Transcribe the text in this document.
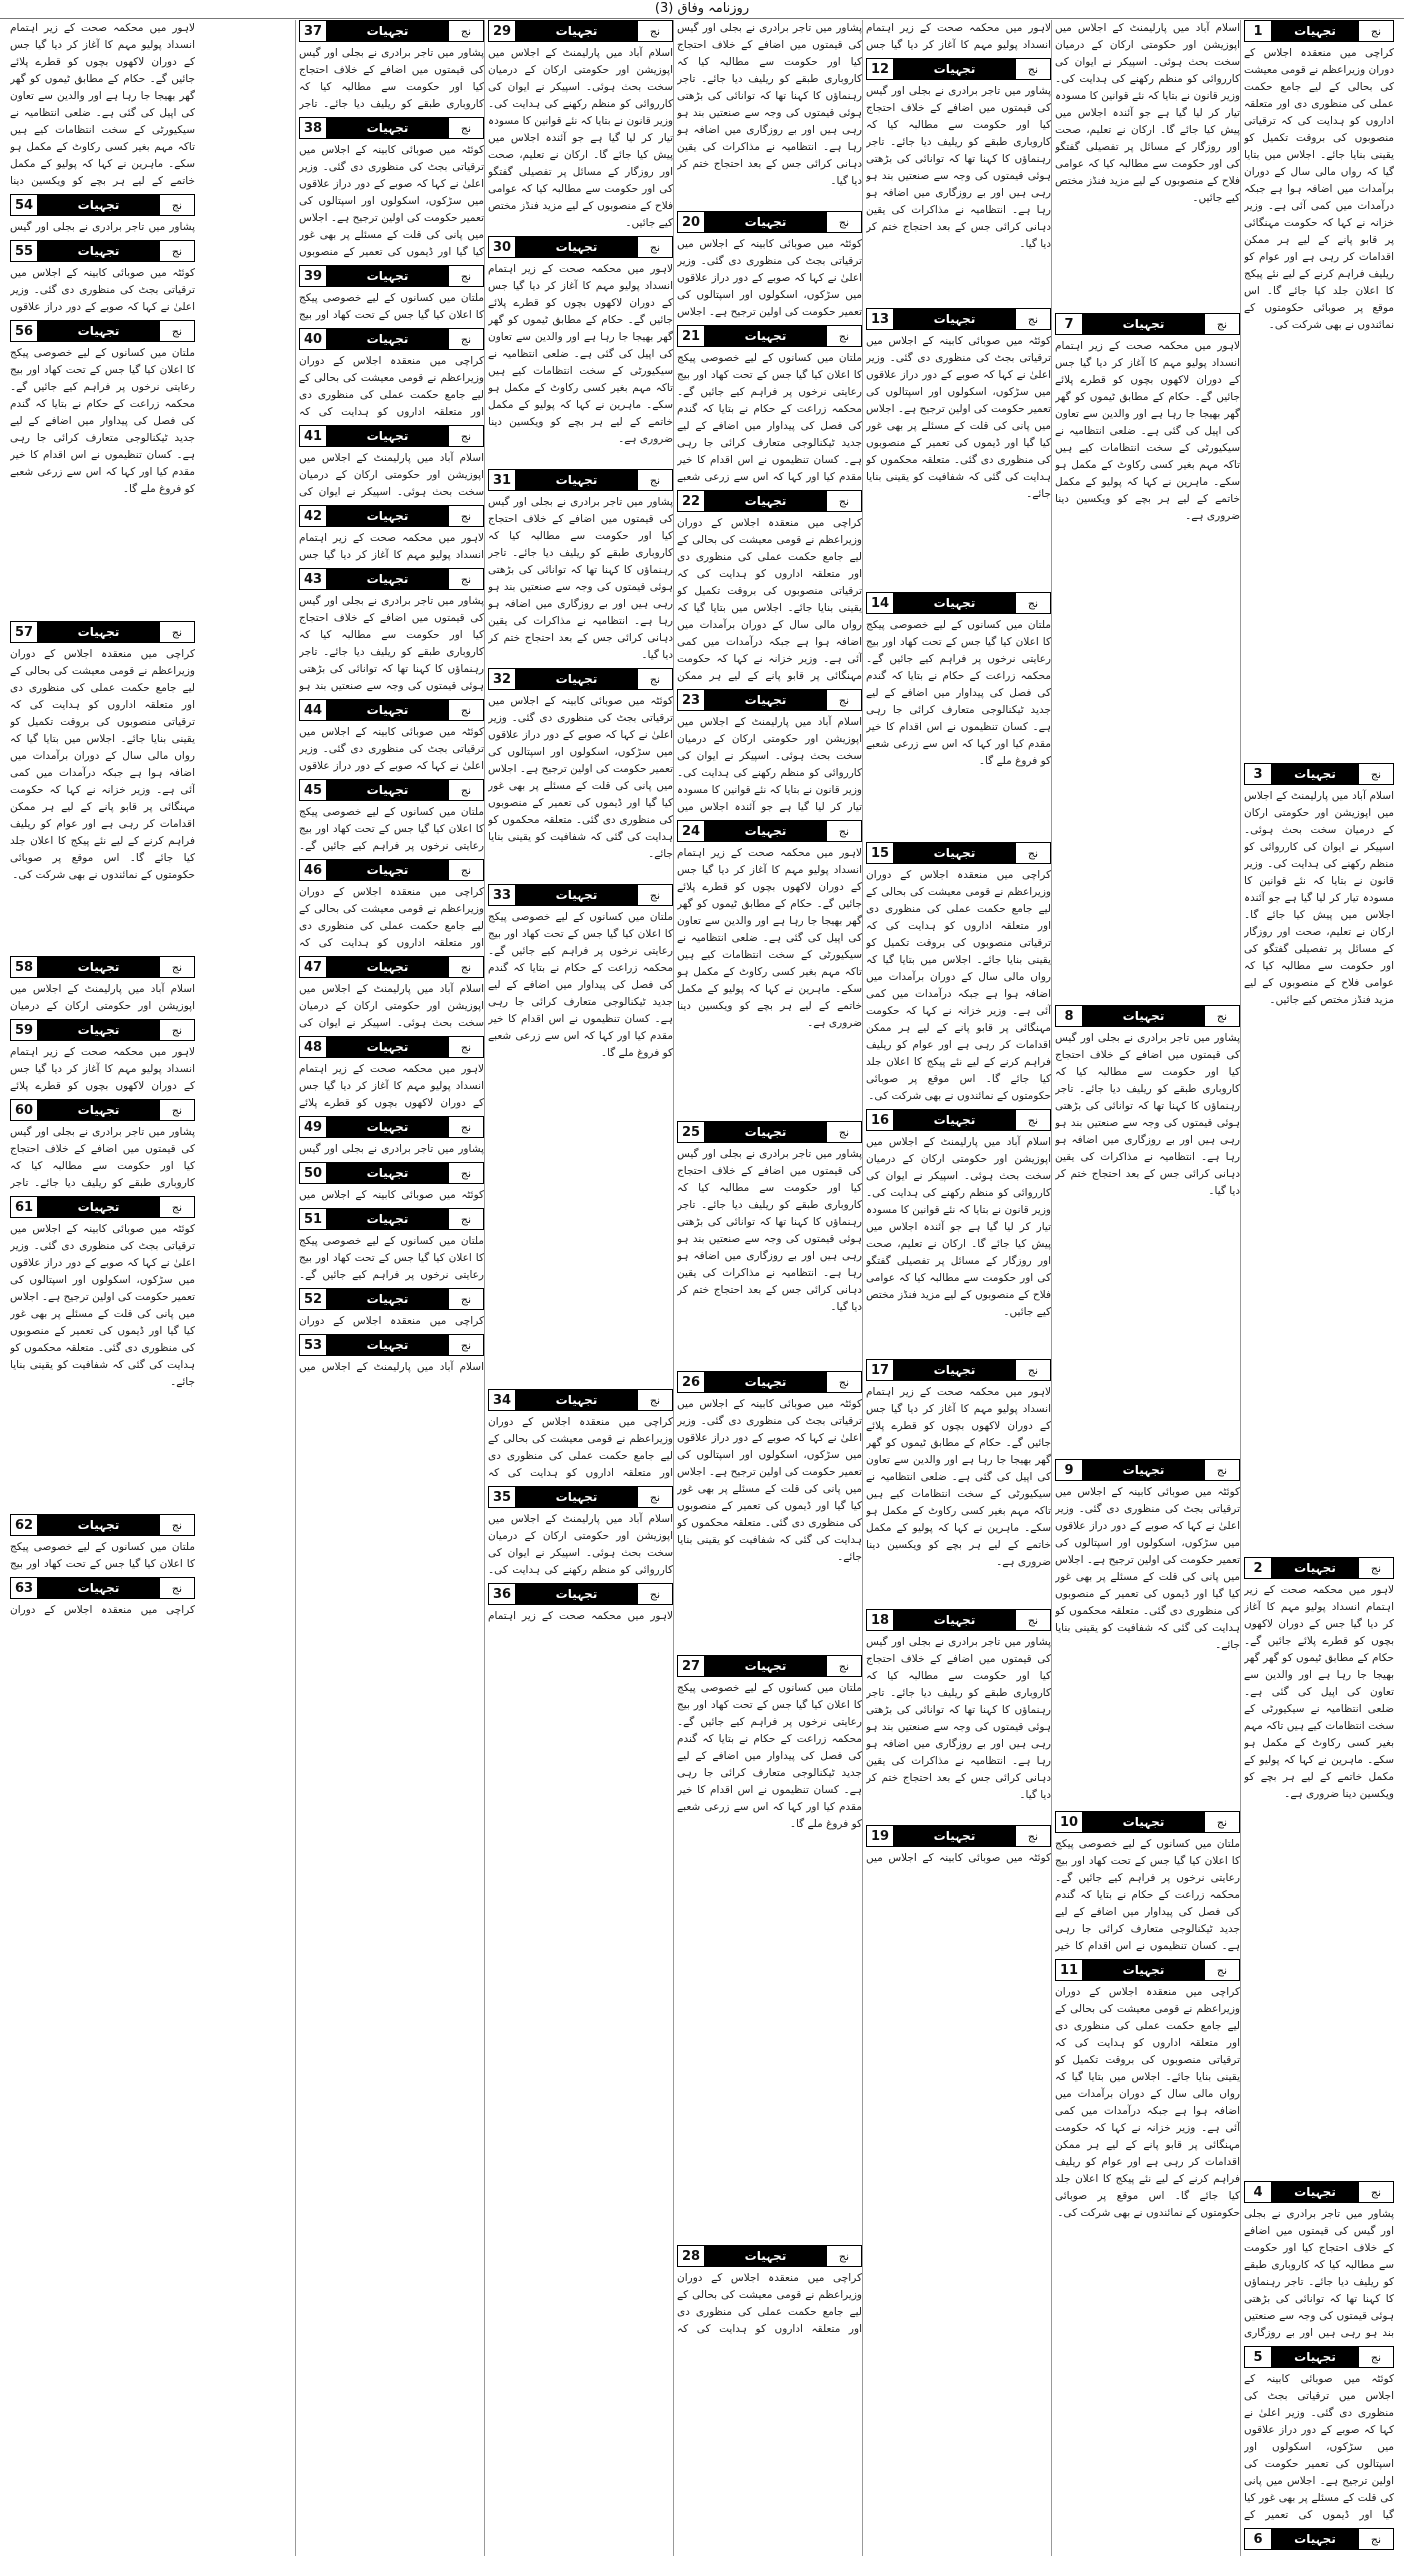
روزنامہ وفاق (3)
1	تجہیات	نج
کراچی میں منعقدہ اجلاس کے دوران وزیراعظم نے قومی معیشت کی بحالی کے لیے جامع حکمت عملی کی منظوری دی اور متعلقہ اداروں کو ہدایت کی کہ ترقیاتی منصوبوں کی بروقت تکمیل کو یقینی بنایا جائے۔ اجلاس میں بتایا گیا کہ رواں مالی سال کے دوران برآمدات میں اضافہ ہوا ہے جبکہ درآمدات میں کمی آئی ہے۔ وزیر خزانہ نے کہا کہ حکومت مہنگائی پر قابو پانے کے لیے ہر ممکن اقدامات کر رہی ہے اور عوام کو ریلیف فراہم کرنے کے لیے نئے پیکج کا اعلان جلد کیا جائے گا۔ اس موقع پر صوبائی حکومتوں کے نمائندوں نے بھی شرکت کی۔
3	تجہیات	نج
اسلام آباد میں پارلیمنٹ کے اجلاس میں اپوزیشن اور حکومتی ارکان کے درمیان سخت بحث ہوئی۔ اسپیکر نے ایوان کی کارروائی کو منظم رکھنے کی ہدایت کی۔ وزیر قانون نے بتایا کہ نئے قوانین کا مسودہ تیار کر لیا گیا ہے جو آئندہ اجلاس میں پیش کیا جائے گا۔ ارکان نے تعلیم، صحت اور روزگار کے مسائل پر تفصیلی گفتگو کی اور حکومت سے مطالبہ کیا کہ عوامی فلاح کے منصوبوں کے لیے مزید فنڈز مختص کیے جائیں۔
2	تجہیات	نج
لاہور میں محکمہ صحت کے زیر اہتمام انسداد پولیو مہم کا آغاز کر دیا گیا جس کے دوران لاکھوں بچوں کو قطرے پلائے جائیں گے۔ حکام کے مطابق ٹیموں کو گھر گھر بھیجا جا رہا ہے اور والدین سے تعاون کی اپیل کی گئی ہے۔ ضلعی انتظامیہ نے سیکیورٹی کے سخت انتظامات کیے ہیں تاکہ مہم بغیر کسی رکاوٹ کے مکمل ہو سکے۔ ماہرین نے کہا کہ پولیو کے مکمل خاتمے کے لیے ہر بچے کو ویکسین دینا ضروری ہے۔
4	تجہیات	نج
پشاور میں تاجر برادری نے بجلی اور گیس کی قیمتوں میں اضافے کے خلاف احتجاج کیا اور حکومت سے مطالبہ کیا کہ کاروباری طبقے کو ریلیف دیا جائے۔ تاجر رہنماؤں کا کہنا تھا کہ توانائی کی بڑھتی ہوئی قیمتوں کی وجہ سے صنعتیں بند ہو رہی ہیں اور بے روزگاری
5	تجہیات	نج
کوئٹہ میں صوبائی کابینہ کے اجلاس میں ترقیاتی بجٹ کی منظوری دی گئی۔ وزیر اعلیٰ نے کہا کہ صوبے کے دور دراز علاقوں میں سڑکوں، اسکولوں اور اسپتالوں کی تعمیر حکومت کی اولین ترجیح ہے۔ اجلاس میں پانی کی قلت کے مسئلے پر بھی غور کیا گیا اور ڈیموں کی تعمیر کے
6	تجہیات	نج
اسلام آباد میں پارلیمنٹ کے اجلاس میں اپوزیشن اور حکومتی ارکان کے درمیان سخت بحث ہوئی۔ اسپیکر نے ایوان کی کارروائی کو منظم رکھنے کی ہدایت کی۔ وزیر قانون نے بتایا کہ نئے قوانین کا مسودہ تیار کر لیا گیا ہے جو آئندہ اجلاس میں پیش کیا جائے گا۔ ارکان نے تعلیم، صحت اور روزگار کے مسائل پر تفصیلی گفتگو کی اور حکومت سے مطالبہ کیا کہ عوامی فلاح کے منصوبوں کے لیے مزید فنڈز مختص کیے جائیں۔
7	تجہیات	نج
لاہور میں محکمہ صحت کے زیر اہتمام انسداد پولیو مہم کا آغاز کر دیا گیا جس کے دوران لاکھوں بچوں کو قطرے پلائے جائیں گے۔ حکام کے مطابق ٹیموں کو گھر گھر بھیجا جا رہا ہے اور والدین سے تعاون کی اپیل کی گئی ہے۔ ضلعی انتظامیہ نے سیکیورٹی کے سخت انتظامات کیے ہیں تاکہ مہم بغیر کسی رکاوٹ کے مکمل ہو سکے۔ ماہرین نے کہا کہ پولیو کے مکمل خاتمے کے لیے ہر بچے کو ویکسین دینا ضروری ہے۔
8	تجہیات	نج
پشاور میں تاجر برادری نے بجلی اور گیس کی قیمتوں میں اضافے کے خلاف احتجاج کیا اور حکومت سے مطالبہ کیا کہ کاروباری طبقے کو ریلیف دیا جائے۔ تاجر رہنماؤں کا کہنا تھا کہ توانائی کی بڑھتی ہوئی قیمتوں کی وجہ سے صنعتیں بند ہو رہی ہیں اور بے روزگاری میں اضافہ ہو رہا ہے۔ انتظامیہ نے مذاکرات کی یقین دہانی کرائی جس کے بعد احتجاج ختم کر دیا گیا۔
9	تجہیات	نج
کوئٹہ میں صوبائی کابینہ کے اجلاس میں ترقیاتی بجٹ کی منظوری دی گئی۔ وزیر اعلیٰ نے کہا کہ صوبے کے دور دراز علاقوں میں سڑکوں، اسکولوں اور اسپتالوں کی تعمیر حکومت کی اولین ترجیح ہے۔ اجلاس میں پانی کی قلت کے مسئلے پر بھی غور کیا گیا اور ڈیموں کی تعمیر کے منصوبوں کی منظوری دی گئی۔ متعلقہ محکموں کو ہدایت کی گئی کہ شفافیت کو یقینی بنایا جائے۔
10	تجہیات	نج
ملتان میں کسانوں کے لیے خصوصی پیکج کا اعلان کیا گیا جس کے تحت کھاد اور بیج رعایتی نرخوں پر فراہم کیے جائیں گے۔ محکمہ زراعت کے حکام نے بتایا کہ گندم کی فصل کی پیداوار میں اضافے کے لیے جدید ٹیکنالوجی متعارف کرائی جا رہی ہے۔ کسان تنظیموں نے اس اقدام کا خیر
11	تجہیات	نج
کراچی میں منعقدہ اجلاس کے دوران وزیراعظم نے قومی معیشت کی بحالی کے لیے جامع حکمت عملی کی منظوری دی اور متعلقہ اداروں کو ہدایت کی کہ ترقیاتی منصوبوں کی بروقت تکمیل کو یقینی بنایا جائے۔ اجلاس میں بتایا گیا کہ رواں مالی سال کے دوران برآمدات میں اضافہ ہوا ہے جبکہ درآمدات میں کمی آئی ہے۔ وزیر خزانہ نے کہا کہ حکومت مہنگائی پر قابو پانے کے لیے ہر ممکن اقدامات کر رہی ہے اور عوام کو ریلیف فراہم کرنے کے لیے نئے پیکج کا اعلان جلد کیا جائے گا۔ اس موقع پر صوبائی حکومتوں کے نمائندوں نے بھی شرکت کی۔
لاہور میں محکمہ صحت کے زیر اہتمام انسداد پولیو مہم کا آغاز کر دیا گیا جس
12	تجہیات	نج
پشاور میں تاجر برادری نے بجلی اور گیس کی قیمتوں میں اضافے کے خلاف احتجاج کیا اور حکومت سے مطالبہ کیا کہ کاروباری طبقے کو ریلیف دیا جائے۔ تاجر رہنماؤں کا کہنا تھا کہ توانائی کی بڑھتی ہوئی قیمتوں کی وجہ سے صنعتیں بند ہو رہی ہیں اور بے روزگاری میں اضافہ ہو رہا ہے۔ انتظامیہ نے مذاکرات کی یقین دہانی کرائی جس کے بعد احتجاج ختم کر دیا گیا۔
13	تجہیات	نج
کوئٹہ میں صوبائی کابینہ کے اجلاس میں ترقیاتی بجٹ کی منظوری دی گئی۔ وزیر اعلیٰ نے کہا کہ صوبے کے دور دراز علاقوں میں سڑکوں، اسکولوں اور اسپتالوں کی تعمیر حکومت کی اولین ترجیح ہے۔ اجلاس میں پانی کی قلت کے مسئلے پر بھی غور کیا گیا اور ڈیموں کی تعمیر کے منصوبوں کی منظوری دی گئی۔ متعلقہ محکموں کو ہدایت کی گئی کہ شفافیت کو یقینی بنایا جائے۔
14	تجہیات	نج
ملتان میں کسانوں کے لیے خصوصی پیکج کا اعلان کیا گیا جس کے تحت کھاد اور بیج رعایتی نرخوں پر فراہم کیے جائیں گے۔ محکمہ زراعت کے حکام نے بتایا کہ گندم کی فصل کی پیداوار میں اضافے کے لیے جدید ٹیکنالوجی متعارف کرائی جا رہی ہے۔ کسان تنظیموں نے اس اقدام کا خیر مقدم کیا اور کہا کہ اس سے زرعی شعبے کو فروغ ملے گا۔
15	تجہیات	نج
کراچی میں منعقدہ اجلاس کے دوران وزیراعظم نے قومی معیشت کی بحالی کے لیے جامع حکمت عملی کی منظوری دی اور متعلقہ اداروں کو ہدایت کی کہ ترقیاتی منصوبوں کی بروقت تکمیل کو یقینی بنایا جائے۔ اجلاس میں بتایا گیا کہ رواں مالی سال کے دوران برآمدات میں اضافہ ہوا ہے جبکہ درآمدات میں کمی آئی ہے۔ وزیر خزانہ نے کہا کہ حکومت مہنگائی پر قابو پانے کے لیے ہر ممکن اقدامات کر رہی ہے اور عوام کو ریلیف فراہم کرنے کے لیے نئے پیکج کا اعلان جلد کیا جائے گا۔ اس موقع پر صوبائی حکومتوں کے نمائندوں نے بھی شرکت کی۔
16	تجہیات	نج
اسلام آباد میں پارلیمنٹ کے اجلاس میں اپوزیشن اور حکومتی ارکان کے درمیان سخت بحث ہوئی۔ اسپیکر نے ایوان کی کارروائی کو منظم رکھنے کی ہدایت کی۔ وزیر قانون نے بتایا کہ نئے قوانین کا مسودہ تیار کر لیا گیا ہے جو آئندہ اجلاس میں پیش کیا جائے گا۔ ارکان نے تعلیم، صحت اور روزگار کے مسائل پر تفصیلی گفتگو کی اور حکومت سے مطالبہ کیا کہ عوامی فلاح کے منصوبوں کے لیے مزید فنڈز مختص کیے جائیں۔
17	تجہیات	نج
لاہور میں محکمہ صحت کے زیر اہتمام انسداد پولیو مہم کا آغاز کر دیا گیا جس کے دوران لاکھوں بچوں کو قطرے پلائے جائیں گے۔ حکام کے مطابق ٹیموں کو گھر گھر بھیجا جا رہا ہے اور والدین سے تعاون کی اپیل کی گئی ہے۔ ضلعی انتظامیہ نے سیکیورٹی کے سخت انتظامات کیے ہیں تاکہ مہم بغیر کسی رکاوٹ کے مکمل ہو سکے۔ ماہرین نے کہا کہ پولیو کے مکمل خاتمے کے لیے ہر بچے کو ویکسین دینا ضروری ہے۔
18	تجہیات	نج
پشاور میں تاجر برادری نے بجلی اور گیس کی قیمتوں میں اضافے کے خلاف احتجاج کیا اور حکومت سے مطالبہ کیا کہ کاروباری طبقے کو ریلیف دیا جائے۔ تاجر رہنماؤں کا کہنا تھا کہ توانائی کی بڑھتی ہوئی قیمتوں کی وجہ سے صنعتیں بند ہو رہی ہیں اور بے روزگاری میں اضافہ ہو رہا ہے۔ انتظامیہ نے مذاکرات کی یقین دہانی کرائی جس کے بعد احتجاج ختم کر دیا گیا۔
19	تجہیات	نج
کوئٹہ میں صوبائی کابینہ کے اجلاس میں
پشاور میں تاجر برادری نے بجلی اور گیس کی قیمتوں میں اضافے کے خلاف احتجاج کیا اور حکومت سے مطالبہ کیا کہ کاروباری طبقے کو ریلیف دیا جائے۔ تاجر رہنماؤں کا کہنا تھا کہ توانائی کی بڑھتی ہوئی قیمتوں کی وجہ سے صنعتیں بند ہو رہی ہیں اور بے روزگاری میں اضافہ ہو رہا ہے۔ انتظامیہ نے مذاکرات کی یقین دہانی کرائی جس کے بعد احتجاج ختم کر دیا گیا۔
20	تجہیات	نج
کوئٹہ میں صوبائی کابینہ کے اجلاس میں ترقیاتی بجٹ کی منظوری دی گئی۔ وزیر اعلیٰ نے کہا کہ صوبے کے دور دراز علاقوں میں سڑکوں، اسکولوں اور اسپتالوں کی تعمیر حکومت کی اولین ترجیح ہے۔ اجلاس
21	تجہیات	نج
ملتان میں کسانوں کے لیے خصوصی پیکج کا اعلان کیا گیا جس کے تحت کھاد اور بیج رعایتی نرخوں پر فراہم کیے جائیں گے۔ محکمہ زراعت کے حکام نے بتایا کہ گندم کی فصل کی پیداوار میں اضافے کے لیے جدید ٹیکنالوجی متعارف کرائی جا رہی ہے۔ کسان تنظیموں نے اس اقدام کا خیر مقدم کیا اور کہا کہ اس سے زرعی شعبے
22	تجہیات	نج
کراچی میں منعقدہ اجلاس کے دوران وزیراعظم نے قومی معیشت کی بحالی کے لیے جامع حکمت عملی کی منظوری دی اور متعلقہ اداروں کو ہدایت کی کہ ترقیاتی منصوبوں کی بروقت تکمیل کو یقینی بنایا جائے۔ اجلاس میں بتایا گیا کہ رواں مالی سال کے دوران برآمدات میں اضافہ ہوا ہے جبکہ درآمدات میں کمی آئی ہے۔ وزیر خزانہ نے کہا کہ حکومت مہنگائی پر قابو پانے کے لیے ہر ممکن
23	تجہیات	نج
اسلام آباد میں پارلیمنٹ کے اجلاس میں اپوزیشن اور حکومتی ارکان کے درمیان سخت بحث ہوئی۔ اسپیکر نے ایوان کی کارروائی کو منظم رکھنے کی ہدایت کی۔ وزیر قانون نے بتایا کہ نئے قوانین کا مسودہ تیار کر لیا گیا ہے جو آئندہ اجلاس میں
24	تجہیات	نج
لاہور میں محکمہ صحت کے زیر اہتمام انسداد پولیو مہم کا آغاز کر دیا گیا جس کے دوران لاکھوں بچوں کو قطرے پلائے جائیں گے۔ حکام کے مطابق ٹیموں کو گھر گھر بھیجا جا رہا ہے اور والدین سے تعاون کی اپیل کی گئی ہے۔ ضلعی انتظامیہ نے سیکیورٹی کے سخت انتظامات کیے ہیں تاکہ مہم بغیر کسی رکاوٹ کے مکمل ہو سکے۔ ماہرین نے کہا کہ پولیو کے مکمل خاتمے کے لیے ہر بچے کو ویکسین دینا ضروری ہے۔
25	تجہیات	نج
پشاور میں تاجر برادری نے بجلی اور گیس کی قیمتوں میں اضافے کے خلاف احتجاج کیا اور حکومت سے مطالبہ کیا کہ کاروباری طبقے کو ریلیف دیا جائے۔ تاجر رہنماؤں کا کہنا تھا کہ توانائی کی بڑھتی ہوئی قیمتوں کی وجہ سے صنعتیں بند ہو رہی ہیں اور بے روزگاری میں اضافہ ہو رہا ہے۔ انتظامیہ نے مذاکرات کی یقین دہانی کرائی جس کے بعد احتجاج ختم کر دیا گیا۔
26	تجہیات	نج
کوئٹہ میں صوبائی کابینہ کے اجلاس میں ترقیاتی بجٹ کی منظوری دی گئی۔ وزیر اعلیٰ نے کہا کہ صوبے کے دور دراز علاقوں میں سڑکوں، اسکولوں اور اسپتالوں کی تعمیر حکومت کی اولین ترجیح ہے۔ اجلاس میں پانی کی قلت کے مسئلے پر بھی غور کیا گیا اور ڈیموں کی تعمیر کے منصوبوں کی منظوری دی گئی۔ متعلقہ محکموں کو ہدایت کی گئی کہ شفافیت کو یقینی بنایا جائے۔
27	تجہیات	نج
ملتان میں کسانوں کے لیے خصوصی پیکج کا اعلان کیا گیا جس کے تحت کھاد اور بیج رعایتی نرخوں پر فراہم کیے جائیں گے۔ محکمہ زراعت کے حکام نے بتایا کہ گندم کی فصل کی پیداوار میں اضافے کے لیے جدید ٹیکنالوجی متعارف کرائی جا رہی ہے۔ کسان تنظیموں نے اس اقدام کا خیر مقدم کیا اور کہا کہ اس سے زرعی شعبے کو فروغ ملے گا۔
28	تجہیات	نج
کراچی میں منعقدہ اجلاس کے دوران وزیراعظم نے قومی معیشت کی بحالی کے لیے جامع حکمت عملی کی منظوری دی اور متعلقہ اداروں کو ہدایت کی کہ
29	تجہیات	نج
اسلام آباد میں پارلیمنٹ کے اجلاس میں اپوزیشن اور حکومتی ارکان کے درمیان سخت بحث ہوئی۔ اسپیکر نے ایوان کی کارروائی کو منظم رکھنے کی ہدایت کی۔ وزیر قانون نے بتایا کہ نئے قوانین کا مسودہ تیار کر لیا گیا ہے جو آئندہ اجلاس میں پیش کیا جائے گا۔ ارکان نے تعلیم، صحت اور روزگار کے مسائل پر تفصیلی گفتگو کی اور حکومت سے مطالبہ کیا کہ عوامی فلاح کے منصوبوں کے لیے مزید فنڈز مختص کیے جائیں۔
30	تجہیات	نج
لاہور میں محکمہ صحت کے زیر اہتمام انسداد پولیو مہم کا آغاز کر دیا گیا جس کے دوران لاکھوں بچوں کو قطرے پلائے جائیں گے۔ حکام کے مطابق ٹیموں کو گھر گھر بھیجا جا رہا ہے اور والدین سے تعاون کی اپیل کی گئی ہے۔ ضلعی انتظامیہ نے سیکیورٹی کے سخت انتظامات کیے ہیں تاکہ مہم بغیر کسی رکاوٹ کے مکمل ہو سکے۔ ماہرین نے کہا کہ پولیو کے مکمل خاتمے کے لیے ہر بچے کو ویکسین دینا ضروری ہے۔
31	تجہیات	نج
پشاور میں تاجر برادری نے بجلی اور گیس کی قیمتوں میں اضافے کے خلاف احتجاج کیا اور حکومت سے مطالبہ کیا کہ کاروباری طبقے کو ریلیف دیا جائے۔ تاجر رہنماؤں کا کہنا تھا کہ توانائی کی بڑھتی ہوئی قیمتوں کی وجہ سے صنعتیں بند ہو رہی ہیں اور بے روزگاری میں اضافہ ہو رہا ہے۔ انتظامیہ نے مذاکرات کی یقین دہانی کرائی جس کے بعد احتجاج ختم کر دیا گیا۔
32	تجہیات	نج
کوئٹہ میں صوبائی کابینہ کے اجلاس میں ترقیاتی بجٹ کی منظوری دی گئی۔ وزیر اعلیٰ نے کہا کہ صوبے کے دور دراز علاقوں میں سڑکوں، اسکولوں اور اسپتالوں کی تعمیر حکومت کی اولین ترجیح ہے۔ اجلاس میں پانی کی قلت کے مسئلے پر بھی غور کیا گیا اور ڈیموں کی تعمیر کے منصوبوں کی منظوری دی گئی۔ متعلقہ محکموں کو ہدایت کی گئی کہ شفافیت کو یقینی بنایا جائے۔
33	تجہیات	نج
ملتان میں کسانوں کے لیے خصوصی پیکج کا اعلان کیا گیا جس کے تحت کھاد اور بیج رعایتی نرخوں پر فراہم کیے جائیں گے۔ محکمہ زراعت کے حکام نے بتایا کہ گندم کی فصل کی پیداوار میں اضافے کے لیے جدید ٹیکنالوجی متعارف کرائی جا رہی ہے۔ کسان تنظیموں نے اس اقدام کا خیر مقدم کیا اور کہا کہ اس سے زرعی شعبے کو فروغ ملے گا۔
34	تجہیات	نج
کراچی میں منعقدہ اجلاس کے دوران وزیراعظم نے قومی معیشت کی بحالی کے لیے جامع حکمت عملی کی منظوری دی اور متعلقہ اداروں کو ہدایت کی کہ
35	تجہیات	نج
اسلام آباد میں پارلیمنٹ کے اجلاس میں اپوزیشن اور حکومتی ارکان کے درمیان سخت بحث ہوئی۔ اسپیکر نے ایوان کی کارروائی کو منظم رکھنے کی ہدایت کی۔
36	تجہیات	نج
لاہور میں محکمہ صحت کے زیر اہتمام
37	تجہیات	نج
پشاور میں تاجر برادری نے بجلی اور گیس کی قیمتوں میں اضافے کے خلاف احتجاج کیا اور حکومت سے مطالبہ کیا کہ کاروباری طبقے کو ریلیف دیا جائے۔ تاجر
38	تجہیات	نج
کوئٹہ میں صوبائی کابینہ کے اجلاس میں ترقیاتی بجٹ کی منظوری دی گئی۔ وزیر اعلیٰ نے کہا کہ صوبے کے دور دراز علاقوں میں سڑکوں، اسکولوں اور اسپتالوں کی تعمیر حکومت کی اولین ترجیح ہے۔ اجلاس میں پانی کی قلت کے مسئلے پر بھی غور کیا گیا اور ڈیموں کی تعمیر کے منصوبوں
39	تجہیات	نج
ملتان میں کسانوں کے لیے خصوصی پیکج کا اعلان کیا گیا جس کے تحت کھاد اور بیج
40	تجہیات	نج
کراچی میں منعقدہ اجلاس کے دوران وزیراعظم نے قومی معیشت کی بحالی کے لیے جامع حکمت عملی کی منظوری دی اور متعلقہ اداروں کو ہدایت کی کہ
41	تجہیات	نج
اسلام آباد میں پارلیمنٹ کے اجلاس میں اپوزیشن اور حکومتی ارکان کے درمیان سخت بحث ہوئی۔ اسپیکر نے ایوان کی
42	تجہیات	نج
لاہور میں محکمہ صحت کے زیر اہتمام انسداد پولیو مہم کا آغاز کر دیا گیا جس
43	تجہیات	نج
پشاور میں تاجر برادری نے بجلی اور گیس کی قیمتوں میں اضافے کے خلاف احتجاج کیا اور حکومت سے مطالبہ کیا کہ کاروباری طبقے کو ریلیف دیا جائے۔ تاجر رہنماؤں کا کہنا تھا کہ توانائی کی بڑھتی ہوئی قیمتوں کی وجہ سے صنعتیں بند ہو
44	تجہیات	نج
کوئٹہ میں صوبائی کابینہ کے اجلاس میں ترقیاتی بجٹ کی منظوری دی گئی۔ وزیر اعلیٰ نے کہا کہ صوبے کے دور دراز علاقوں
45	تجہیات	نج
ملتان میں کسانوں کے لیے خصوصی پیکج کا اعلان کیا گیا جس کے تحت کھاد اور بیج رعایتی نرخوں پر فراہم کیے جائیں گے۔
46	تجہیات	نج
کراچی میں منعقدہ اجلاس کے دوران وزیراعظم نے قومی معیشت کی بحالی کے لیے جامع حکمت عملی کی منظوری دی اور متعلقہ اداروں کو ہدایت کی کہ
47	تجہیات	نج
اسلام آباد میں پارلیمنٹ کے اجلاس میں اپوزیشن اور حکومتی ارکان کے درمیان سخت بحث ہوئی۔ اسپیکر نے ایوان کی
48	تجہیات	نج
لاہور میں محکمہ صحت کے زیر اہتمام انسداد پولیو مہم کا آغاز کر دیا گیا جس کے دوران لاکھوں بچوں کو قطرے پلائے
49	تجہیات	نج
پشاور میں تاجر برادری نے بجلی اور گیس
50	تجہیات	نج
کوئٹہ میں صوبائی کابینہ کے اجلاس میں
51	تجہیات	نج
ملتان میں کسانوں کے لیے خصوصی پیکج کا اعلان کیا گیا جس کے تحت کھاد اور بیج رعایتی نرخوں پر فراہم کیے جائیں گے۔
52	تجہیات	نج
کراچی میں منعقدہ اجلاس کے دوران
53	تجہیات	نج
اسلام آباد میں پارلیمنٹ کے اجلاس میں
لاہور میں محکمہ صحت کے زیر اہتمام انسداد پولیو مہم کا آغاز کر دیا گیا جس کے دوران لاکھوں بچوں کو قطرے پلائے جائیں گے۔ حکام کے مطابق ٹیموں کو گھر گھر بھیجا جا رہا ہے اور والدین سے تعاون کی اپیل کی گئی ہے۔ ضلعی انتظامیہ نے سیکیورٹی کے سخت انتظامات کیے ہیں تاکہ مہم بغیر کسی رکاوٹ کے مکمل ہو سکے۔ ماہرین نے کہا کہ پولیو کے مکمل خاتمے کے لیے ہر بچے کو ویکسین دینا
54	تجہیات	نج
پشاور میں تاجر برادری نے بجلی اور گیس
55	تجہیات	نج
کوئٹہ میں صوبائی کابینہ کے اجلاس میں ترقیاتی بجٹ کی منظوری دی گئی۔ وزیر اعلیٰ نے کہا کہ صوبے کے دور دراز علاقوں
56	تجہیات	نج
ملتان میں کسانوں کے لیے خصوصی پیکج کا اعلان کیا گیا جس کے تحت کھاد اور بیج رعایتی نرخوں پر فراہم کیے جائیں گے۔ محکمہ زراعت کے حکام نے بتایا کہ گندم کی فصل کی پیداوار میں اضافے کے لیے جدید ٹیکنالوجی متعارف کرائی جا رہی ہے۔ کسان تنظیموں نے اس اقدام کا خیر مقدم کیا اور کہا کہ اس سے زرعی شعبے کو فروغ ملے گا۔
57	تجہیات	نج
کراچی میں منعقدہ اجلاس کے دوران وزیراعظم نے قومی معیشت کی بحالی کے لیے جامع حکمت عملی کی منظوری دی اور متعلقہ اداروں کو ہدایت کی کہ ترقیاتی منصوبوں کی بروقت تکمیل کو یقینی بنایا جائے۔ اجلاس میں بتایا گیا کہ رواں مالی سال کے دوران برآمدات میں اضافہ ہوا ہے جبکہ درآمدات میں کمی آئی ہے۔ وزیر خزانہ نے کہا کہ حکومت مہنگائی پر قابو پانے کے لیے ہر ممکن اقدامات کر رہی ہے اور عوام کو ریلیف فراہم کرنے کے لیے نئے پیکج کا اعلان جلد کیا جائے گا۔ اس موقع پر صوبائی حکومتوں کے نمائندوں نے بھی شرکت کی۔
58	تجہیات	نج
اسلام آباد میں پارلیمنٹ کے اجلاس میں اپوزیشن اور حکومتی ارکان کے درمیان
59	تجہیات	نج
لاہور میں محکمہ صحت کے زیر اہتمام انسداد پولیو مہم کا آغاز کر دیا گیا جس کے دوران لاکھوں بچوں کو قطرے پلائے
60	تجہیات	نج
پشاور میں تاجر برادری نے بجلی اور گیس کی قیمتوں میں اضافے کے خلاف احتجاج کیا اور حکومت سے مطالبہ کیا کہ کاروباری طبقے کو ریلیف دیا جائے۔ تاجر
61	تجہیات	نج
کوئٹہ میں صوبائی کابینہ کے اجلاس میں ترقیاتی بجٹ کی منظوری دی گئی۔ وزیر اعلیٰ نے کہا کہ صوبے کے دور دراز علاقوں میں سڑکوں، اسکولوں اور اسپتالوں کی تعمیر حکومت کی اولین ترجیح ہے۔ اجلاس میں پانی کی قلت کے مسئلے پر بھی غور کیا گیا اور ڈیموں کی تعمیر کے منصوبوں کی منظوری دی گئی۔ متعلقہ محکموں کو ہدایت کی گئی کہ شفافیت کو یقینی بنایا جائے۔
62	تجہیات	نج
ملتان میں کسانوں کے لیے خصوصی پیکج کا اعلان کیا گیا جس کے تحت کھاد اور بیج
63	تجہیات	نج
کراچی میں منعقدہ اجلاس کے دوران
